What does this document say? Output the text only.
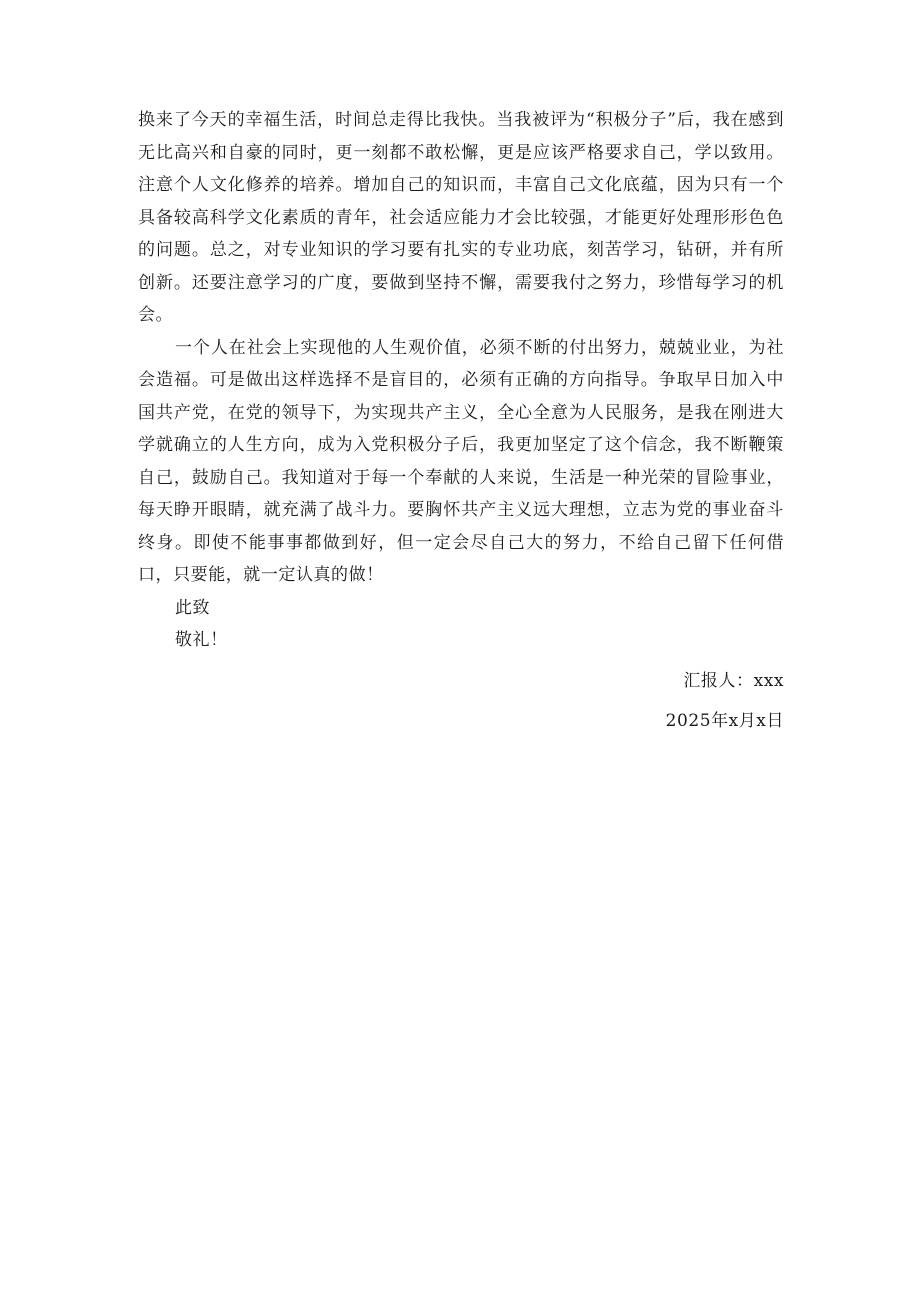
换来了今天的幸福生活，时间总走得比我快。当我被评为“积极分子”后，我在感到无比高兴和自豪的同时，更一刻都不敢松懈，更是应该严格要求自己，学以致用。注意个人文化修养的培养。增加自己的知识而，丰富自己文化底蕴，因为只有一个具备较高科学文化素质的青年，社会适应能力才会比较强，才能更好处理形形色色的问题。总之，对专业知识的学习要有扎实的专业功底，刻苦学习，钻研，并有所创新。还要注意学习的广度，要做到坚持不懈，需要我付之努力，珍惜每学习的机会。

一个人在社会上实现他的人生观价值，必须不断的付出努力，兢兢业业，为社会造福。可是做出这样选择不是盲目的，必须有正确的方向指导。争取早日加入中国共产党，在党的领导下，为实现共产主义，全心全意为人民服务，是我在刚进大学就确立的人生方向，成为入党积极分子后，我更加坚定了这个信念，我不断鞭策自己，鼓励自己。我知道对于每一个奉献的人来说，生活是一种光荣的冒险事业，每天睁开眼睛，就充满了战斗力。要胸怀共产主义远大理想，立志为党的事业奋斗终身。即使不能事事都做到好，但一定会尽自己大的努力，不给自己留下任何借口，只要能，就一定认真的做！

此致

敬礼！

汇报人：xxx

2025年x月x日
